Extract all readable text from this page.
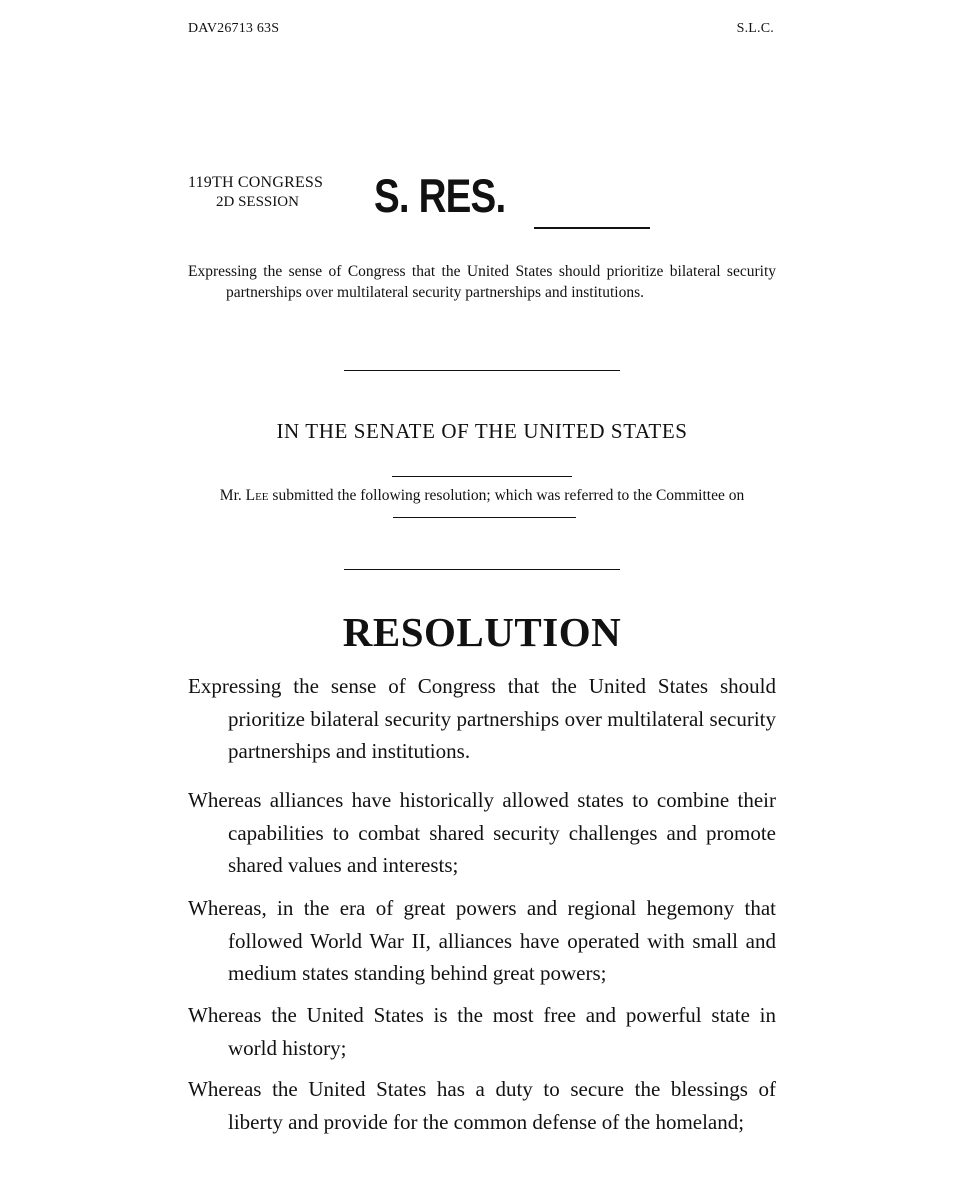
DAV26713 63S	S.L.C.
119TH CONGRESS
2D SESSION S. RES.
Expressing the sense of Congress that the United States should prioritize bilateral security partnerships over multilateral security partnerships and institutions.
IN THE SENATE OF THE UNITED STATES
Mr. Lee submitted the following resolution; which was referred to the Committee on
RESOLUTION
Expressing the sense of Congress that the United States should prioritize bilateral security partnerships over multilateral security partnerships and institutions.
Whereas alliances have historically allowed states to combine their capabilities to combat shared security challenges and promote shared values and interests;
Whereas, in the era of great powers and regional hegemony that followed World War II, alliances have operated with small and medium states standing behind great powers;
Whereas the United States is the most free and powerful state in world history;
Whereas the United States has a duty to secure the blessings of liberty and provide for the common defense of the homeland;
